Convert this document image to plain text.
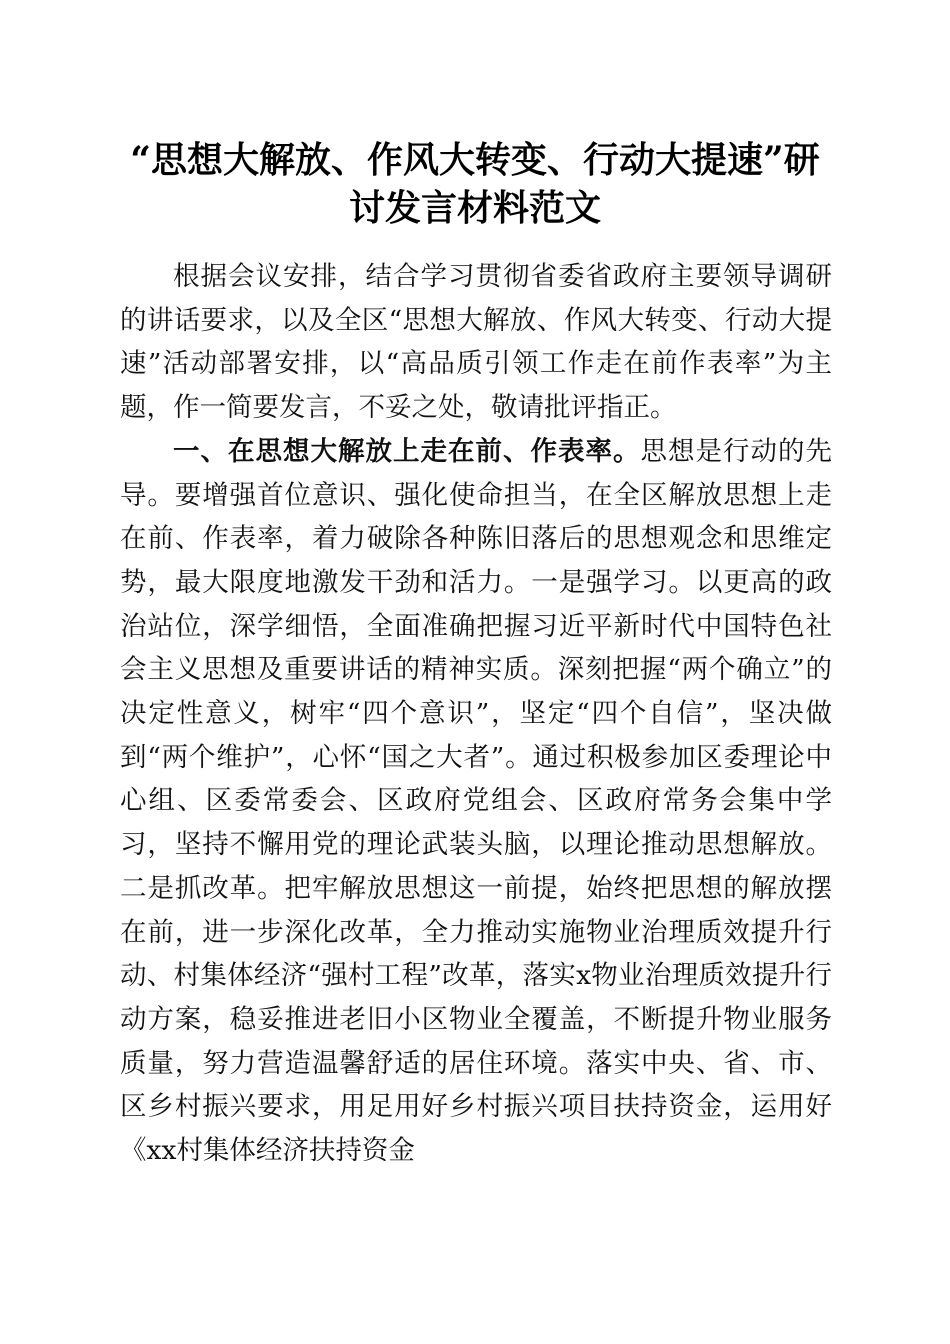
“思想大解放、作风大转变、行动大提速”研讨发言材料范文

根据会议安排，结合学习贯彻省委省政府主要领导调研的讲话要求，以及全区“思想大解放、作风大转变、行动大提速”活动部署安排，以“高品质引领工作走在前作表率”为主题，作一简要发言，不妥之处，敬请批评指正。

一、在思想大解放上走在前、作表率。思想是行动的先导。要增强首位意识、强化使命担当，在全区解放思想上走在前、作表率，着力破除各种陈旧落后的思想观念和思维定势，最大限度地激发干劲和活力。一是强学习。以更高的政治站位，深学细悟，全面准确把握习近平新时代中国特色社会主义思想及重要讲话的精神实质。深刻把握“两个确立”的决定性意义，树牢“四个意识”，坚定“四个自信”，坚决做到“两个维护”，心怀“国之大者”。通过积极参加区委理论中心组、区委常委会、区政府党组会、区政府常务会集中学习，坚持不懈用党的理论武装头脑，以理论推动思想解放。二是抓改革。把牢解放思想这一前提，始终把思想的解放摆在前，进一步深化改革，全力推动实施物业治理质效提升行动、村集体经济“强村工程”改革，落实x物业治理质效提升行动方案，稳妥推进老旧小区物业全覆盖，不断提升物业服务质量，努力营造温馨舒适的居住环境。落实中央、省、市、区乡村振兴要求，用足用好乡村振兴项目扶持资金，运用好《xx村集体经济扶持资金
